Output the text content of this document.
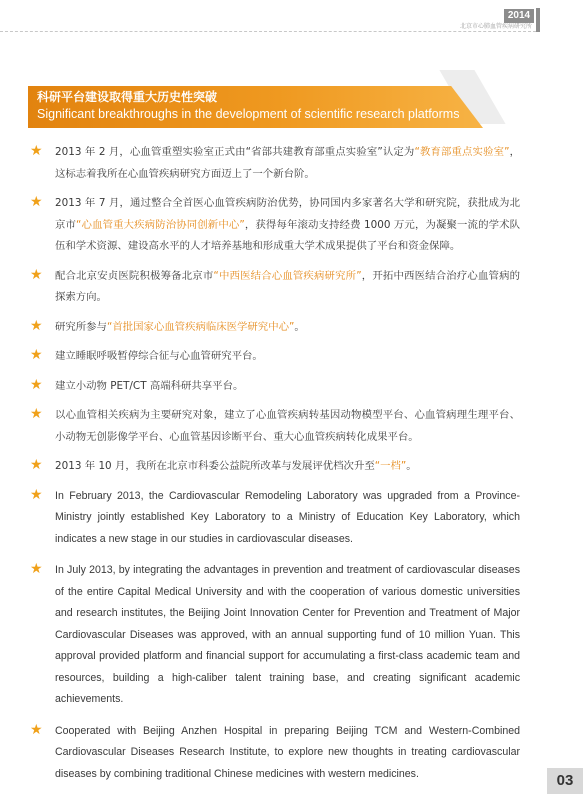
2014
北京市心肺血管疾病研究所
科研平台建设取得重大历史性突破
Significant breakthroughs in the development of scientific research platforms
★ 2013 年 2 月，心血管重塑实验室正式由“省部共建教育部重点实验室”认定为“教育部重点实验室”，这标志着我所在心血管疾病研究方面迈上了一个新台阶。
★ 2013 年 7 月，通过整合全首医心血管疾病防治优势，协同国内多家著名大学和研究院，获批成为北京市“心血管重大疾病防治协同创新中心”，获得每年滚动支持经费 1000 万元，为凝聚一流的学术队伍和学术资源、建设高水平的人才培养基地和形成重大学术成果提供了平台和资金保障。
★ 配合北京安贞医院积极筹备北京市“中西医结合心血管疾病研究所”，开拓中西医结合治疗心血管病的探索方向。
★ 研究所参与“首批国家心血管疾病临床医学研究中心”。
★ 建立睡眠呼吸暂停综合征与心血管研究平台。
★ 建立小动物 PET/CT 高端科研共享平台。
★ 以心血管相关疾病为主要研究对象，建立了心血管疾病转基因动物模型平台、心血管病理生理平台、小动物无创影像学平台、心血管基因诊断平台、重大心血管疾病转化成果平台。
★ 2013 年 10 月，我所在北京市科委公益院所改革与发展评优档次升至“一档”。
★ In February 2013, the Cardiovascular Remodeling Laboratory was upgraded from a Province-Ministry jointly established Key Laboratory to a Ministry of Education Key Laboratory, which indicates a new stage in our studies in cardiovascular diseases.
★ In July 2013, by integrating the advantages in prevention and treatment of cardiovascular diseases of the entire Capital Medical University and with the cooperation of various domestic universities and research institutes, the Beijing Joint Innovation Center for Prevention and Treatment of Major Cardiovascular Diseases was approved, with an annual supporting fund of 10 million Yuan. This approval provided platform and financial support for accumulating a first-class academic team and resources, building a high-caliber talent training base, and creating significant academic achievements.
★ Cooperated with Beijing Anzhen Hospital in preparing Beijing TCM and Western-Combined Cardiovascular Diseases Research Institute, to explore new thoughts in treating cardiovascular diseases by combining traditional Chinese medicines with western medicines.	03
